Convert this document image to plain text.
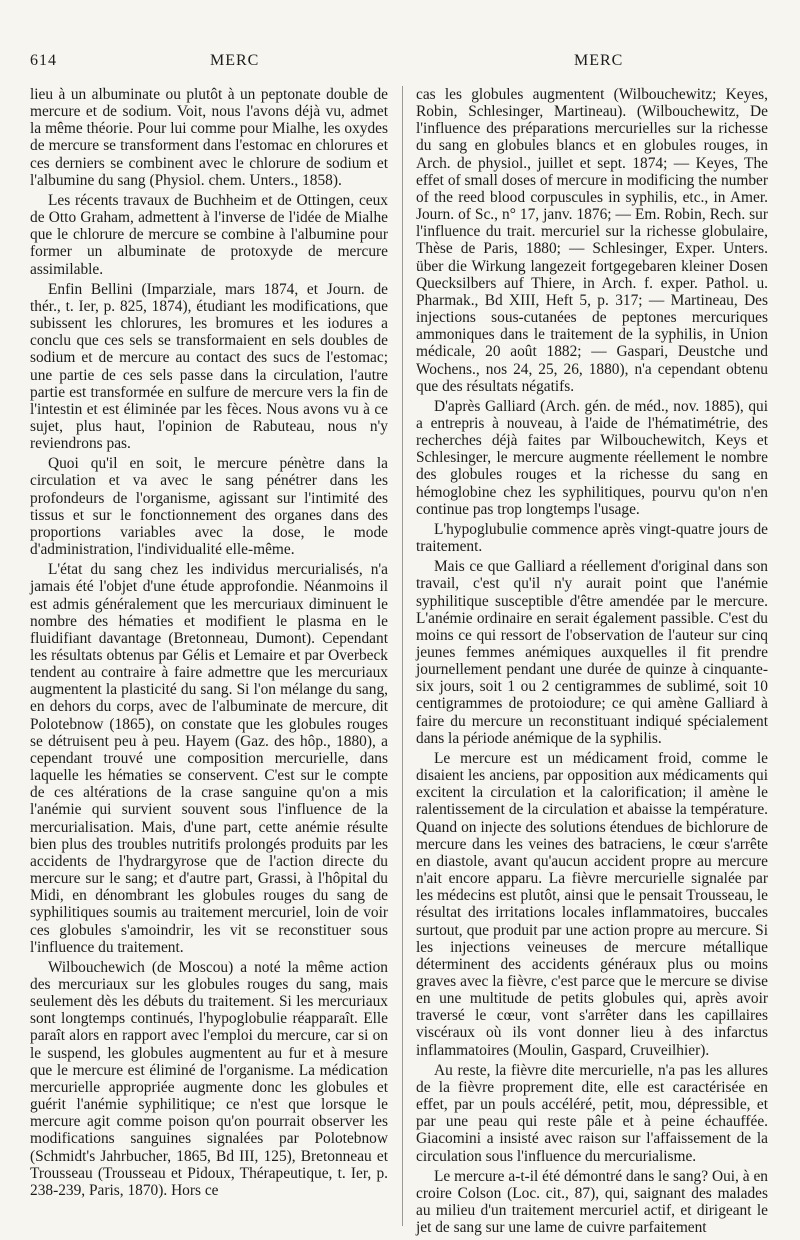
614	MERC	MERC

lieu à un albuminate ou plutôt à un peptonate double de mercure et de sodium. Voit, nous l'avons déjà vu, admet la même théorie. Pour lui comme pour Mialhe, les oxydes de mercure se transforment dans l'estomac en chlorures et ces derniers se combinent avec le chlorure de sodium et l'albumine du sang (Physiol. chem. Unters., 1858).

Les récents travaux de Buchheim et de Ottingen, ceux de Otto Graham, admettent à l'inverse de l'idée de Mialhe que le chlorure de mercure se combine à l'albumine pour former un albuminate de protoxyde de mercure assimilable.

Enfin Bellini (Imparziale, mars 1874, et Journ. de thér., t. Ier, p. 825, 1874), étudiant les modifications, que subissent les chlorures, les bromures et les iodures a conclu que ces sels se transformaient en sels doubles de sodium et de mercure au contact des sucs de l'estomac; une partie de ces sels passe dans la circulation, l'autre partie est transformée en sulfure de mercure vers la fin de l'intestin et est éliminée par les fèces. Nous avons vu à ce sujet, plus haut, l'opinion de Rabuteau, nous n'y reviendrons pas.

Quoi qu'il en soit, le mercure pénètre dans la circulation et va avec le sang pénétrer dans les profondeurs de l'organisme, agissant sur l'intimité des tissus et sur le fonctionnement des organes dans des proportions variables avec la dose, le mode d'administration, l'individualité elle-même.

L'état du sang chez les individus mercurialisés, n'a jamais été l'objet d'une étude approfondie. Néanmoins il est admis généralement que les mercuriaux diminuent le nombre des hématies et modifient le plasma en le fluidifiant davantage (Bretonneau, Dumont). Cependant les résultats obtenus par Gélis et Lemaire et par Overbeck tendent au contraire à faire admettre que les mercuriaux augmentent la plasticité du sang. Si l'on mélange du sang, en dehors du corps, avec de l'albuminate de mercure, dit Polotebnow (1865), on constate que les globules rouges se détruisent peu à peu. Hayem (Gaz. des hôp., 1880), a cependant trouvé une composition mercurielle, dans laquelle les hématies se conservent. C'est sur le compte de ces altérations de la crase sanguine qu'on a mis l'anémie qui survient souvent sous l'influence de la mercurialisation. Mais, d'une part, cette anémie résulte bien plus des troubles nutritifs prolongés produits par les accidents de l'hydrargyrose que de l'action directe du mercure sur le sang; et d'autre part, Grassi, à l'hôpital du Midi, en dénombrant les globules rouges du sang de syphilitiques soumis au traitement mercuriel, loin de voir ces globules s'amoindrir, les vit se reconstituer sous l'influence du traitement.

Wilbouchewich (de Moscou) a noté la même action des mercuriaux sur les globules rouges du sang, mais seulement dès les débuts du traitement. Si les mercuriaux sont longtemps continués, l'hypoglobulie réapparaît. Elle paraît alors en rapport avec l'emploi du mercure, car si on le suspend, les globules augmentent au fur et à mesure que le mercure est éliminé de l'organisme. La médication mercurielle appropriée augmente donc les globules et guérit l'anémie syphilitique; ce n'est que lorsque le mercure agit comme poison qu'on pourrait observer les modifications sanguines signalées par Polotebnow (Schmidt's Jahrbucher, 1865, Bd III, 125), Bretonneau et Trousseau (Trousseau et Pidoux, Thérapeutique, t. Ier, p. 238-239, Paris, 1870). Hors ce

cas les globules augmentent (Wilbouchewitz; Keyes, Robin, Schlesinger, Martineau). (Wilbouchewitz, De l'influence des préparations mercurielles sur la richesse du sang en globules blancs et en globules rouges, in Arch. de physiol., juillet et sept. 1874; — Keyes, The effet of small doses of mercure in modificing the number of the reed blood corpuscules in syphilis, etc., in Amer. Journ. of Sc., n° 17, janv. 1876; — Em. Robin, Rech. sur l'influence du trait. mercuriel sur la richesse globulaire, Thèse de Paris, 1880; — Schlesinger, Exper. Unters. über die Wirkung langezeit fortgegebaren kleiner Dosen Quecksilbers auf Thiere, in Arch. f. exper. Pathol. u. Pharmak., Bd XIII, Heft 5, p. 317; — Martineau, Des injections sous-cutanées de peptones mercuriques ammoniques dans le traitement de la syphilis, in Union médicale, 20 août 1882; — Gaspari, Deustche und Wochens., nos 24, 25, 26, 1880), n'a cependant obtenu que des résultats négatifs.

D'après Galliard (Arch. gén. de méd., nov. 1885), qui a entrepris à nouveau, à l'aide de l'hématimétrie, des recherches déjà faites par Wilbouchewitch, Keys et Schlesinger, le mercure augmente réellement le nombre des globules rouges et la richesse du sang en hémoglobine chez les syphilitiques, pourvu qu'on n'en continue pas trop longtemps l'usage.

L'hypoglubulie commence après vingt-quatre jours de traitement.

Mais ce que Galliard a réellement d'original dans son travail, c'est qu'il n'y aurait point que l'anémie syphilitique susceptible d'être amendée par le mercure. L'anémie ordinaire en serait également passible. C'est du moins ce qui ressort de l'observation de l'auteur sur cinq jeunes femmes anémiques auxquelles il fit prendre journellement pendant une durée de quinze à cinquante-six jours, soit 1 ou 2 centigrammes de sublimé, soit 10 centigrammes de protoiodure; ce qui amène Galliard à faire du mercure un reconstituant indiqué spécialement dans la période anémique de la syphilis.

Le mercure est un médicament froid, comme le disaient les anciens, par opposition aux médicaments qui excitent la circulation et la calorification; il amène le ralentissement de la circulation et abaisse la température. Quand on injecte des solutions étendues de bichlorure de mercure dans les veines des batraciens, le cœur s'arrête en diastole, avant qu'aucun accident propre au mercure n'ait encore apparu. La fièvre mercurielle signalée par les médecins est plutôt, ainsi que le pensait Trousseau, le résultat des irritations locales inflammatoires, buccales surtout, que produit par une action propre au mercure. Si les injections veineuses de mercure métallique déterminent des accidents généraux plus ou moins graves avec la fièvre, c'est parce que le mercure se divise en une multitude de petits globules qui, après avoir traversé le cœur, vont s'arrêter dans les capillaires viscéraux où ils vont donner lieu à des infarctus inflammatoires (Moulin, Gaspard, Cruveilhier).

Au reste, la fièvre dite mercurielle, n'a pas les allures de la fièvre proprement dite, elle est caractérisée en effet, par un pouls accéléré, petit, mou, dépressible, et par une peau qui reste pâle et à peine échauffée. Giacomini a insisté avec raison sur l'affaissement de la circulation sous l'influence du mercurialisme.

Le mercure a-t-il été démontré dans le sang? Oui, à en croire Colson (Loc. cit., 87), qui, saignant des malades au milieu d'un traitement mercuriel actif, et dirigeant le jet de sang sur une lame de cuivre parfaitement
